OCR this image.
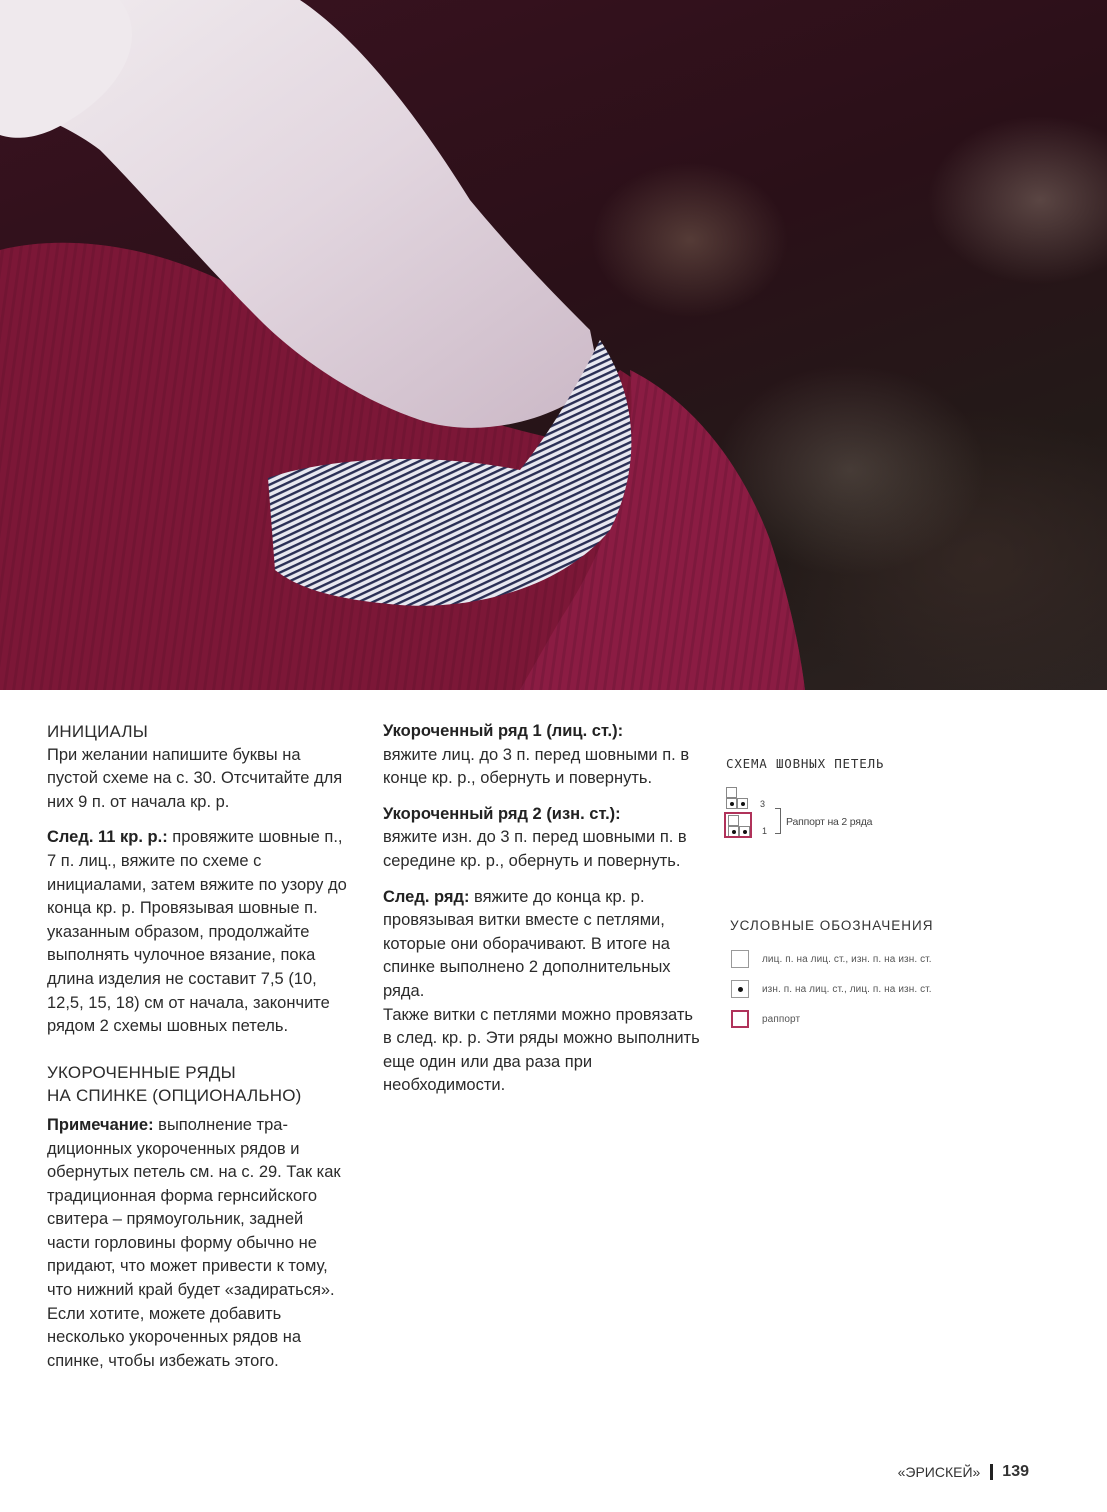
ИНИЦИАЛЫ

При желании напишите буквы на пустой схеме на с. 30. Отсчитайте для них 9 п. от начала кр. р.

След. 11 кр. р.: провяжите шовные п., 7 п. лиц., вяжите по схеме с инициалами, затем вяжите по узору до конца кр. р. Провязывая шовные п. указанным образом, продолжайте выполнять чулочное вязание, пока длина изделия не составит 7,5 (10, 12,5, 15, 18) см от начала, закончите рядом 2 схемы шовных петель.

УКОРОЧЕННЫЕ РЯДЫ

НА СПИНКЕ (ОПЦИОНАЛЬНО)

Примечание: выполнение традиционных укороченных рядов и обернутых петель см. на с. 29. Так как традиционная форма гернсийского свитера – прямоугольник, задней части горловины форму обычно не придают, что может привести к тому, что нижний край будет «задираться». Если хотите, можете добавить несколько укороченных рядов на спинке, чтобы избежать этого.

Укороченный ряд 1 (лиц. ст.):

вяжите лиц. до 3 п. перед шовными п. в конце кр. р., обернуть и повернуть.

Укороченный ряд 2 (изн. ст.):

вяжите изн. до 3 п. перед шовными п. в середине кр. р., обернуть и повернуть.

След. ряд: вяжите до конца кр. р. провязывая витки вместе с петлями, которые они оборачивают. В итоге на спинке выполнено 2 дополнительных ряда.

Также витки с петлями можно провязать в след. кр. р. Эти ряды можно выполнить еще один или два раза при необходимости.

СХЕМА ШОВНЫХ ПЕТЕЛЬ
3
1
Раппорт на 2 ряда
УСЛОВНЫЕ ОБОЗНАЧЕНИЯ
лиц. п. на лиц. ст., изн. п. на изн. ст.
изн. п. на лиц. ст., лиц. п. на изн. ст.
раппорт
«ЭРИСКЕЙ» 139
